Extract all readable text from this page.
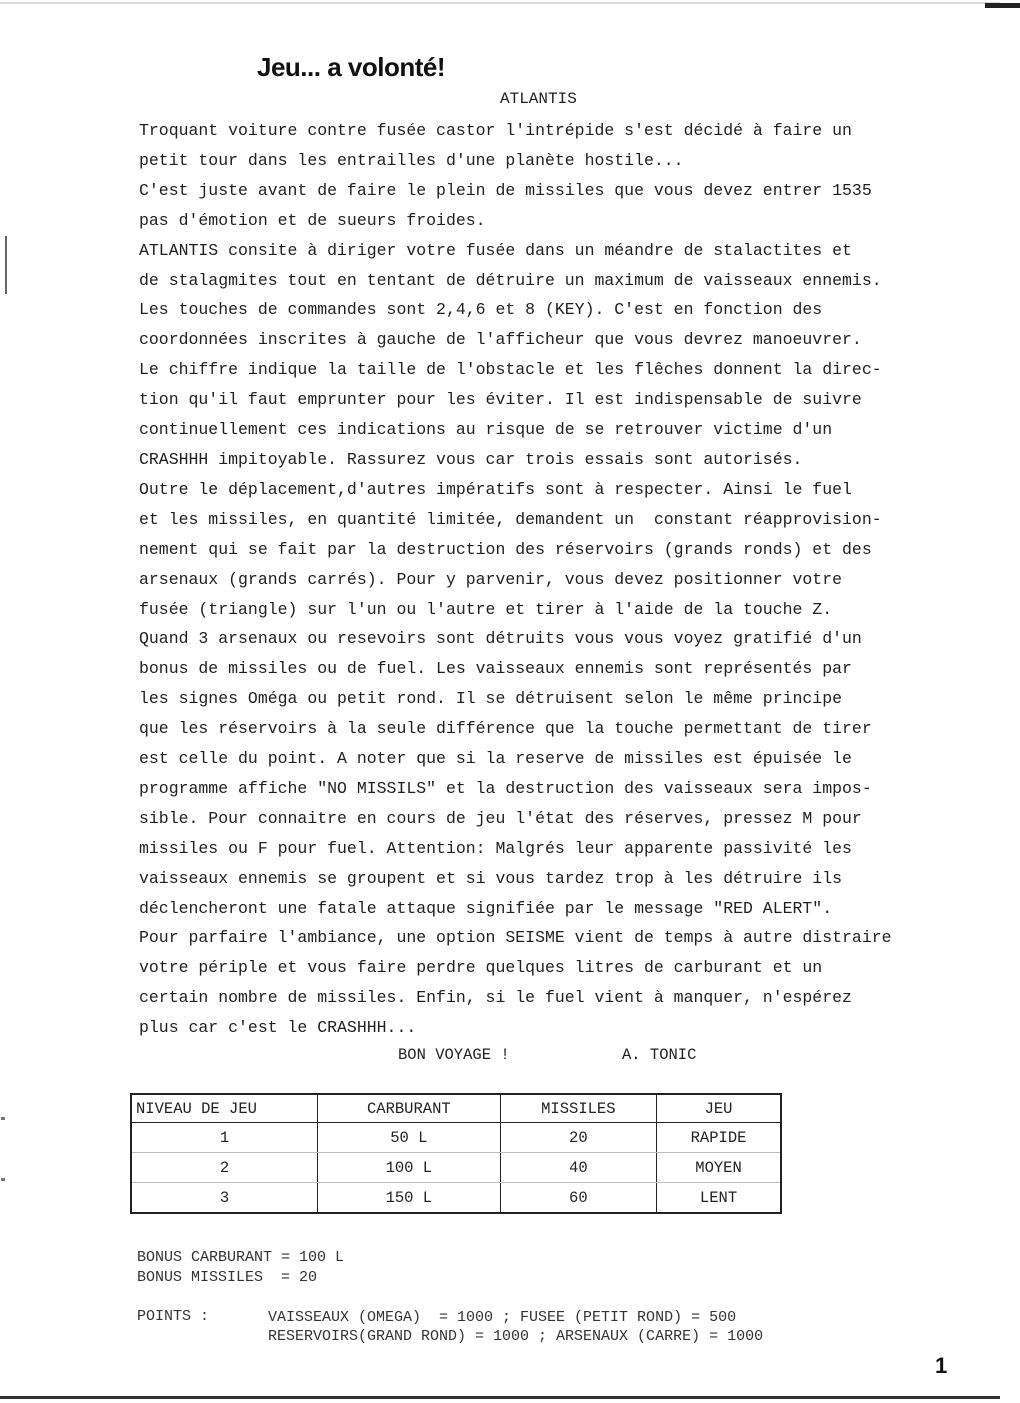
Jeu... a volonté!
ATLANTIS
Troquant voiture contre fusée castor l'intrépide s'est décidé à faire un
petit tour dans les entrailles d'une planète hostile...
C'est juste avant de faire le plein de missiles que vous devez entrer 1535
pas d'émotion et de sueurs froides.
ATLANTIS consite à diriger votre fusée dans un méandre de stalactites et
de stalagmites tout en tentant de détruire un maximum de vaisseaux ennemis.
Les touches de commandes sont 2,4,6 et 8 (KEY). C'est en fonction des
coordonnées inscrites à gauche de l'afficheur que vous devrez manoeuvrer.
Le chiffre indique la taille de l'obstacle et les flêches donnent la direc-
tion qu'il faut emprunter pour les éviter. Il est indispensable de suivre
continuellement ces indications au risque de se retrouver victime d'un
CRASHHH impitoyable. Rassurez vous car trois essais sont autorisés.
Outre le déplacement,d'autres impératifs sont à respecter. Ainsi le fuel
et les missiles, en quantité limitée, demandent un  constant réapprovision-
nement qui se fait par la destruction des réservoirs (grands ronds) et des
arsenaux (grands carrés). Pour y parvenir, vous devez positionner votre
fusée (triangle) sur l'un ou l'autre et tirer à l'aide de la touche Z.
Quand 3 arsenaux ou resevoirs sont détruits vous vous voyez gratifié d'un
bonus de missiles ou de fuel. Les vaisseaux ennemis sont représentés par
les signes Oméga ou petit rond. Il se détruisent selon le même principe
que les réservoirs à la seule différence que la touche permettant de tirer
est celle du point. A noter que si la reserve de missiles est épuisée le
programme affiche "NO MISSILS" et la destruction des vaisseaux sera impos-
sible. Pour connaitre en cours de jeu l'état des réserves, pressez M pour
missiles ou F pour fuel. Attention: Malgrés leur apparente passivité les
vaisseaux ennemis se groupent et si vous tardez trop à les détruire ils
déclencheront une fatale attaque signifiée par le message "RED ALERT".
Pour parfaire l'ambiance, une option SEISME vient de temps à autre distraire
votre périple et vous faire perdre quelques litres de carburant et un
certain nombre de missiles. Enfin, si le fuel vient à manquer, n'espérez
plus car c'est le CRASHHH...
BON VOYAGE !	A. TONIC
NIVEAU DE JEU	CARBURANT	MISSILES	JEU
1	50 L	20	RAPIDE
2	100 L	40	MOYEN
3	150 L	60	LENT
BONUS CARBURANT = 100 L
BONUS MISSILES  = 20
POINTS :	VAISSEAUX (OMEGA)  = 1000 ; FUSEE (PETIT ROND) = 500
RESERVOIRS(GRAND ROND) = 1000 ; ARSENAUX (CARRE) = 1000
1
